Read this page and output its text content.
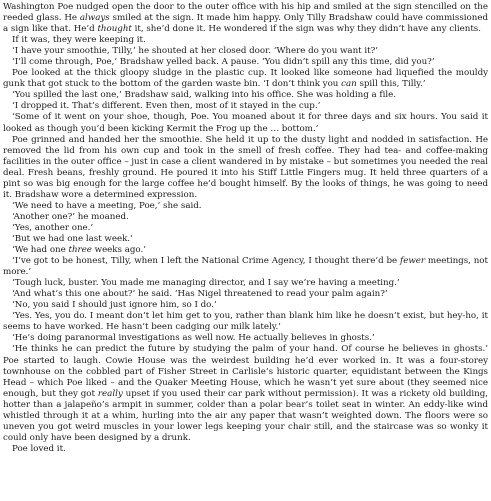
Washington Poe nudged open the door to the outer office with his hip and smiled at the sign stencilled on the reeded glass. He always smiled at the sign. It made him happy. Only Tilly Bradshaw could have commissioned a sign like that. He’d thought it, she’d done it. He wondered if the sign was why they didn’t have any clients.

If it was, they were keeping it.

‘I have your smoothie, Tilly,’ he shouted at her closed door. ‘Where do you want it?’

‘I’ll come through, Poe,’ Bradshaw yelled back. A pause. ‘You didn’t spill any this time, did you?’

Poe looked at the thick gloopy sludge in the plastic cup. It looked like someone had liquefied the mouldy gunk that got stuck to the bottom of the garden waste bin. ‘I don’t think you can spill this, Tilly.’

‘You spilled the last one,’ Bradshaw said, walking into his office. She was holding a file.

‘I dropped it. That’s different. Even then, most of it stayed in the cup.’

‘Some of it went on your shoe, though, Poe. You moaned about it for three days and six hours. You said it looked as though you’d been kicking Kermit the Frog up the … bottom.’

Poe grinned and handed her the smoothie. She held it up to the dusty light and nodded in satisfaction. He removed the lid from his own cup and took in the smell of fresh coffee. They had tea- and coffee-making facilities in the outer office – just in case a client wandered in by mistake – but sometimes you needed the real deal. Fresh beans, freshly ground. He poured it into his Stiff Little Fingers mug. It held three quarters of a pint so was big enough for the large coffee he’d bought himself. By the looks of things, he was going to need it. Bradshaw wore a determined expression.

‘We need to have a meeting, Poe,’ she said.

‘Another one?’ he moaned.

‘Yes, another one.’

‘But we had one last week.’

‘We had one three weeks ago.’

‘I’ve got to be honest, Tilly, when I left the National Crime Agency, I thought there’d be fewer meetings, not more.’

‘Tough luck, buster. You made me managing director, and I say we’re having a meeting.’

‘And what’s this one about?’ he said. ‘Has Nigel threatened to read your palm again?’

‘No, you said I should just ignore him, so I do.’

‘Yes. Yes, you do. I meant don’t let him get to you, rather than blank him like he doesn’t exist, but hey-ho, it seems to have worked. He hasn’t been cadging our milk lately.’

‘He’s doing paranormal investigations as well now. He actually believes in ghosts.’

‘He thinks he can predict the future by studying the palm of your hand. Of course he believes in ghosts.’ Poe started to laugh. Cowie House was the weirdest building he’d ever worked in. It was a four-storey townhouse on the cobbled part of Fisher Street in Carlisle’s historic quarter, equidistant between the Kings Head – which Poe liked – and the Quaker Meeting House, which he wasn’t yet sure about (they seemed nice enough, but they got really upset if you used their car park without permission). It was a rickety old building, hotter than a jalapeño’s armpit in summer, colder than a polar bear’s toilet seat in winter. An eddy-like wind whistled through it at a whim, hurling into the air any paper that wasn’t weighted down. The floors were so uneven you got weird muscles in your lower legs keeping your chair still, and the staircase was so wonky it could only have been designed by a drunk.

Poe loved it.
